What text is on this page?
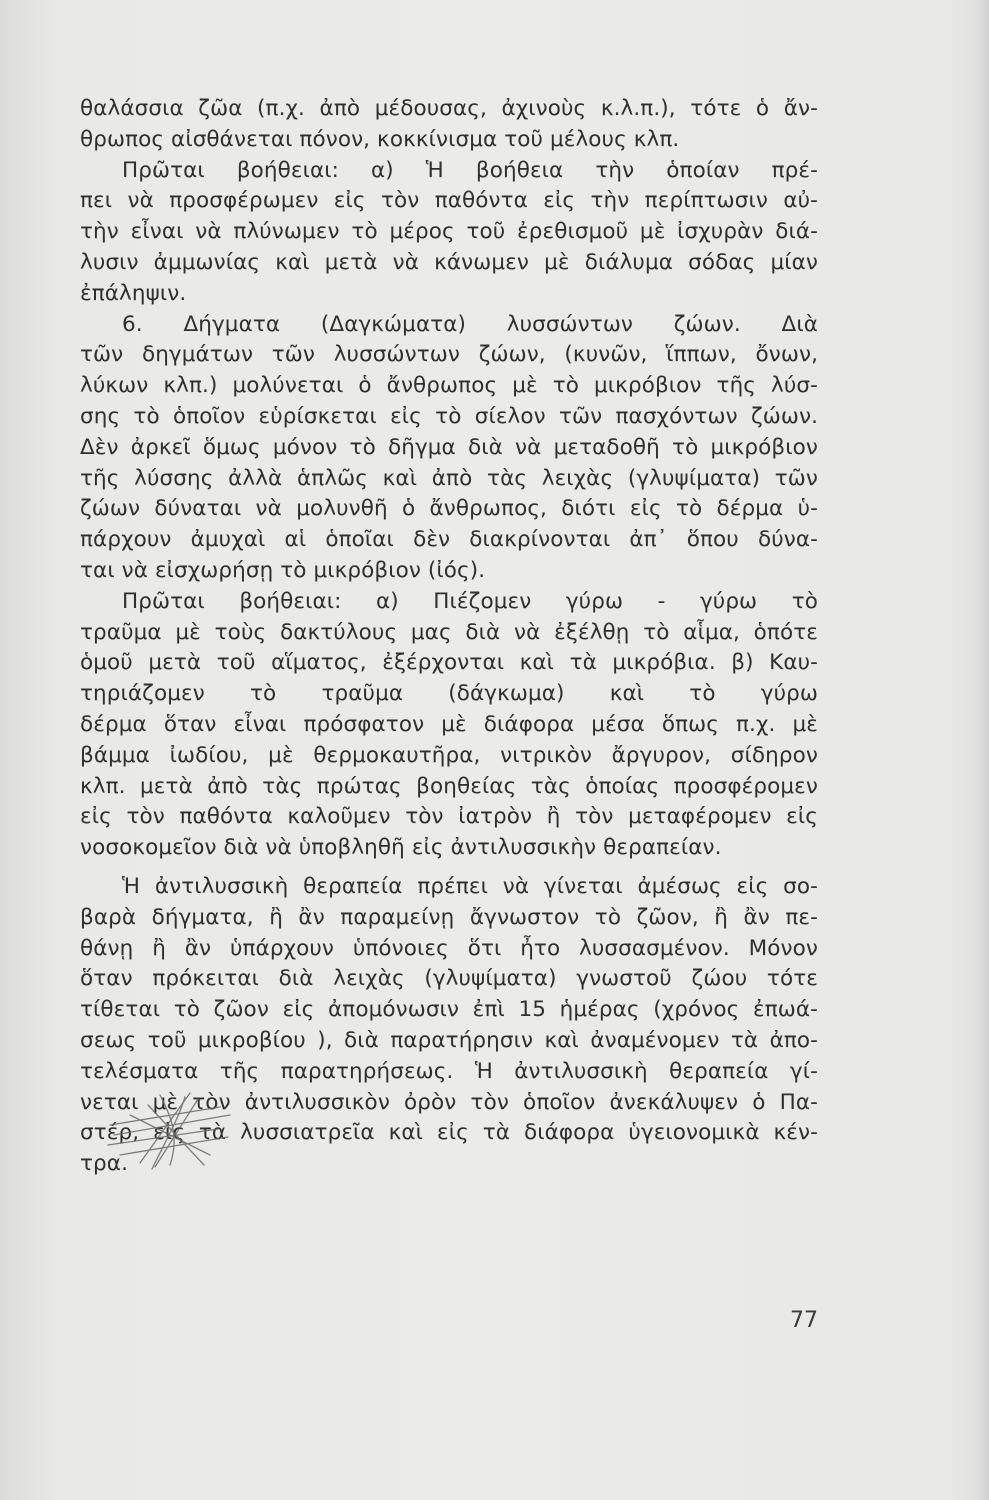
θαλάσσια ζῶα (π.χ. ἀπὸ μέδουσας, ἀχινοὺς κ.λ.π.), τότε ὁ ἄν-
θρωπος αἰσθάνεται πόνον, κοκκίνισμα τοῦ μέλους κλπ.
Πρῶται βοήθειαι: α) Ἡ βοήθεια τὴν ὁποίαν πρέ-
πει νὰ προσφέρωμεν εἰς τὸν παθόντα εἰς τὴν περίπτωσιν αὐ-
τὴν εἶναι νὰ πλύνωμεν τὸ μέρος τοῦ ἐρεθισμοῦ μὲ ἰσχυρὰν διά-
λυσιν ἀμμωνίας καὶ μετὰ νὰ κάνωμεν μὲ διάλυμα σόδας μίαν
ἐπάληψιν.
6. Δήγματα (Δαγκώματα) λυσσώντων ζώων. Διὰ
τῶν δηγμάτων τῶν λυσσώντων ζώων, (κυνῶν, ἵππων, ὄνων,
λύκων κλπ.) μολύνεται ὁ ἄνθρωπος μὲ τὸ μικρόβιον τῆς λύσ-
σης τὸ ὁποῖον εὑρίσκεται εἰς τὸ σίελον τῶν πασχόντων ζώων.
Δὲν ἀρκεῖ ὅμως μόνον τὸ δῆγμα διὰ νὰ μεταδοθῆ τὸ μικρόβιον
τῆς λύσσης ἀλλὰ ἁπλῶς καὶ ἀπὸ τὰς λειχὰς (γλυψίματα) τῶν
ζώων δύναται νὰ μολυνθῆ ὁ ἄνθρωπος, διότι εἰς τὸ δέρμα ὑ-
πάρχουν ἀμυχαὶ αἱ ὁποῖαι δὲν διακρίνονται ἀπ᾿ ὅπου δύνα-
ται νὰ εἰσχωρήσῃ τὸ μικρόβιον (ἰός).
Πρῶται βοήθειαι: α) Πιέζομεν γύρω - γύρω τὸ
τραῦμα μὲ τοὺς δακτύλους μας διὰ νὰ ἐξέλθῃ τὸ αἷμα, ὁπότε
ὁμοῦ μετὰ τοῦ αἵματος, ἐξέρχονται καὶ τὰ μικρόβια. β) Καυ-
τηριάζομεν τὸ τραῦμα (δάγκωμα) καὶ τὸ γύρω
δέρμα ὅταν εἶναι πρόσφατον μὲ διάφορα μέσα ὅπως π.χ. μὲ
βάμμα ἰωδίου, μὲ θερμοκαυτῆρα, νιτρικὸν ἄργυρον, σίδηρον
κλπ. μετὰ ἀπὸ τὰς πρώτας βοηθείας τὰς ὁποίας προσφέρομεν
εἰς τὸν παθόντα καλοῦμεν τὸν ἰατρὸν ἢ τὸν μεταφέρομεν εἰς
νοσοκομεῖον διὰ νὰ ὑποβληθῆ εἰς ἀντιλυσσικὴν θεραπείαν.
Ἡ ἀντιλυσσικὴ θεραπεία πρέπει νὰ γίνεται ἀμέσως εἰς σο-
βαρὰ δήγματα, ἢ ἂν παραμείνῃ ἄγνωστον τὸ ζῶον, ἢ ἂν πε-
θάνῃ ἢ ἂν ὑπάρχουν ὑπόνοιες ὅτι ἦτο λυσσασμένον. Μόνον
ὅταν πρόκειται διὰ λειχὰς (γλυψίματα) γνωστοῦ ζώου τότε
τίθεται τὸ ζῶον εἰς ἀπομόνωσιν ἐπὶ 15 ἡμέρας (χρόνος ἐπωά-
σεως τοῦ μικροβίου ), διὰ παρατήρησιν καὶ ἀναμένομεν τὰ ἀπο-
τελέσματα τῆς παρατηρήσεως. Ἡ ἀντιλυσσικὴ θεραπεία γί-
νεται μὲ τὸν ἀντιλυσσικὸν ὀρὸν τὸν ὁποῖον ἀνεκάλυψεν ὁ Πα-
στέρ, εἰς τὰ λυσσιατρεῖα καὶ εἰς τὰ διάφορα ὑγειονομικὰ κέν-
τρα.
77
